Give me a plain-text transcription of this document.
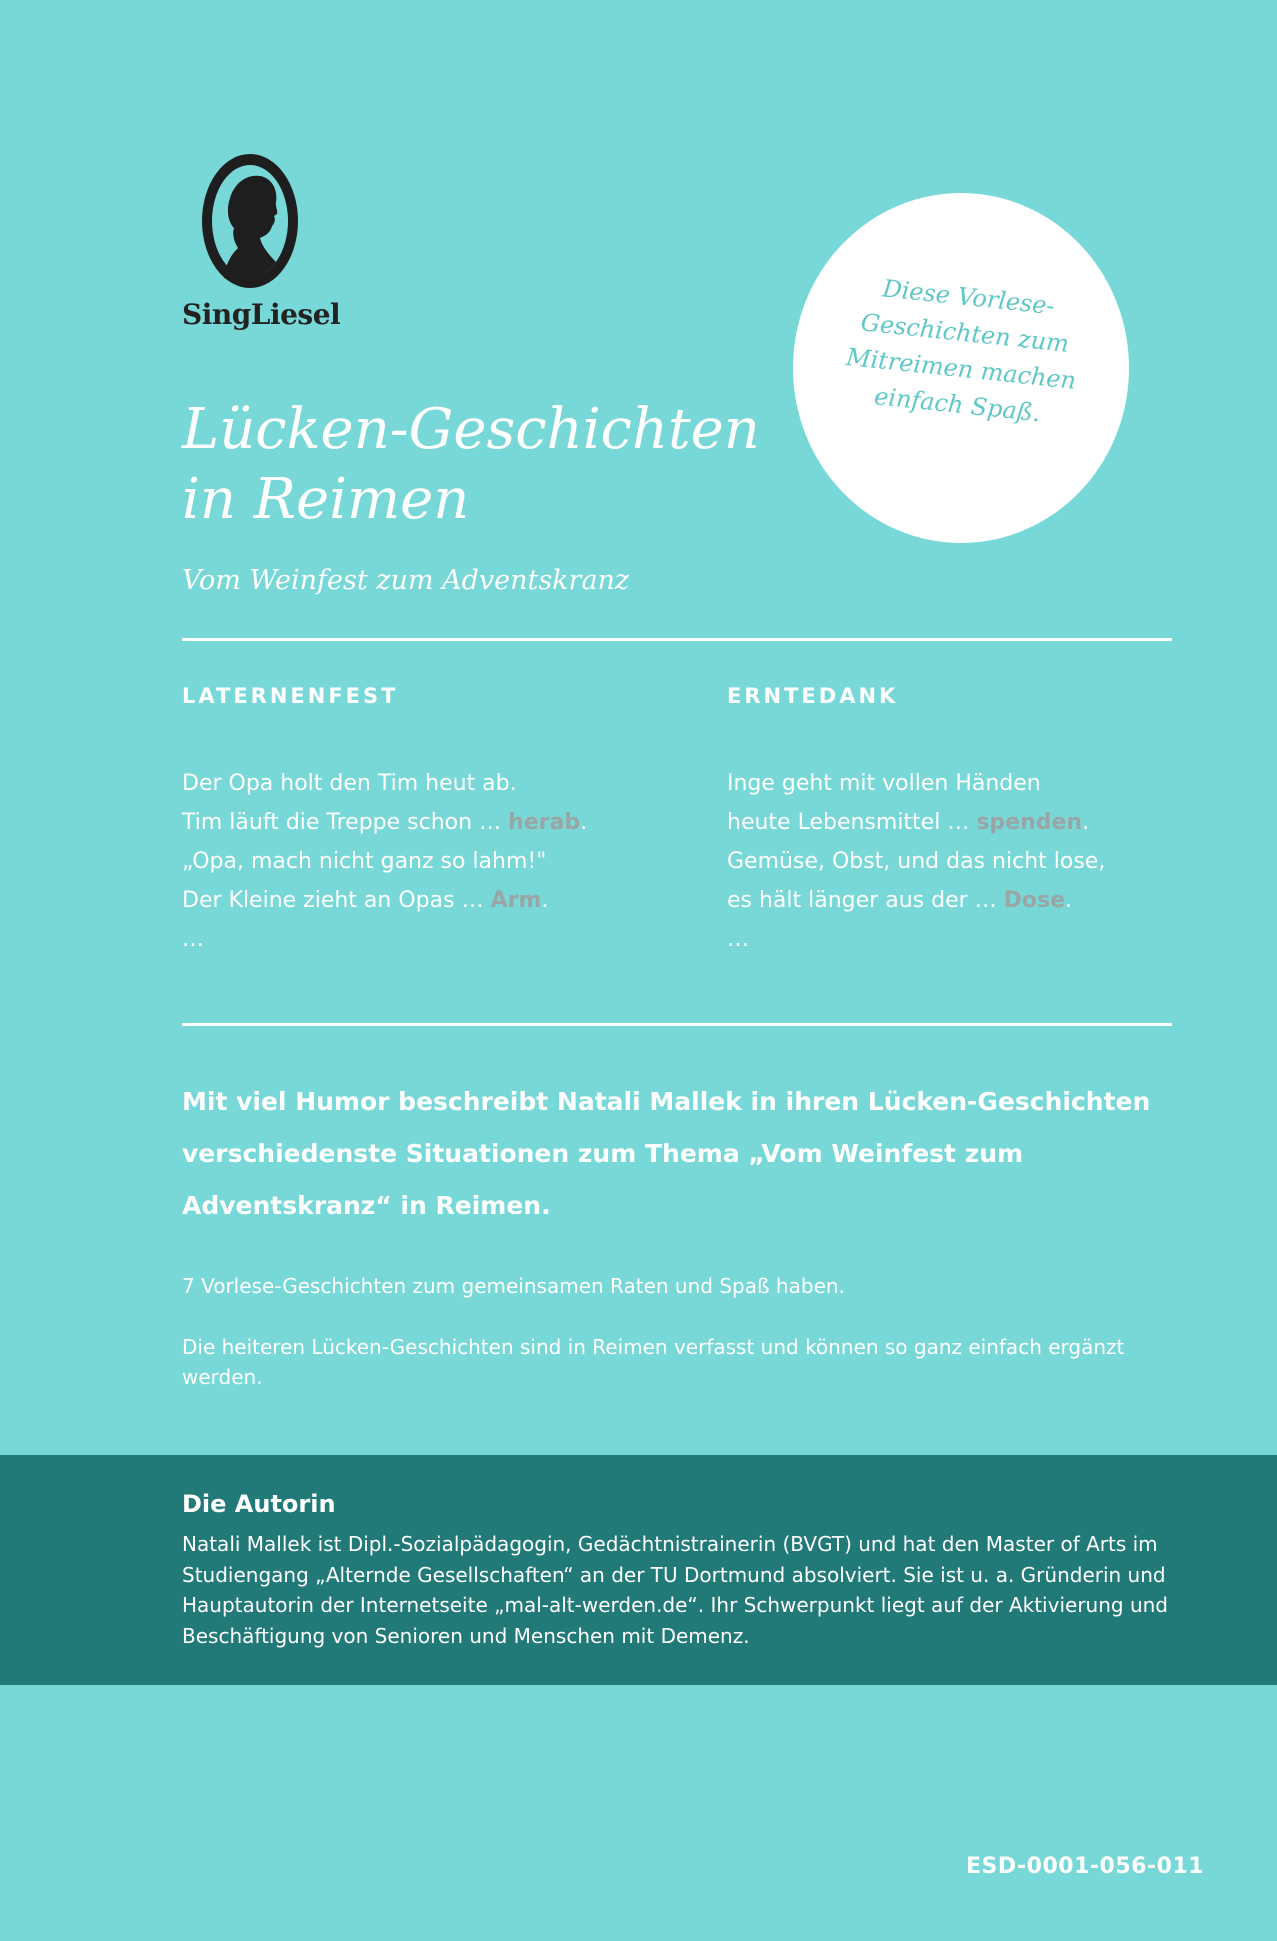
SingLiesel	Diese Vorlese-Geschichten zum Mitreimen machen einfach Spaß.
Lücken-Geschichten
in Reimen
Vom Weinfest zum Adventskranz
LATERNENFEST
Der Opa holt den Tim heut ab.
Tim läuft die Treppe schon … herab.
„Opa, mach nicht ganz so lahm!"
Der Kleine zieht an Opas … Arm.
…
ERNTEDANK
Inge geht mit vollen Händen
heute Lebensmittel … spenden.
Gemüse, Obst, und das nicht lose,
es hält länger aus der … Dose.
…
Mit viel Humor beschreibt Natali Mallek in ihren Lücken-Geschichten verschiedenste Situationen zum Thema „Vom Weinfest zum Adventskranz“ in Reimen.
7 Vorlese-Geschichten zum gemeinsamen Raten und Spaß haben.
Die heiteren Lücken-Geschichten sind in Reimen verfasst und können so ganz einfach ergänzt werden.
Die Autorin
Natali Mallek ist Dipl.-Sozialpädagogin, Gedächtnistrainerin (BVGT) und hat den Master of Arts im Studiengang „Alternde Gesellschaften“ an der TU Dortmund absolviert. Sie ist u. a. Gründerin und Hauptautorin der Internetseite „mal-alt-werden.de“. Ihr Schwerpunkt liegt auf der Aktivierung und Beschäftigung von Senioren und Menschen mit Demenz.
ESD-0001-056-011
